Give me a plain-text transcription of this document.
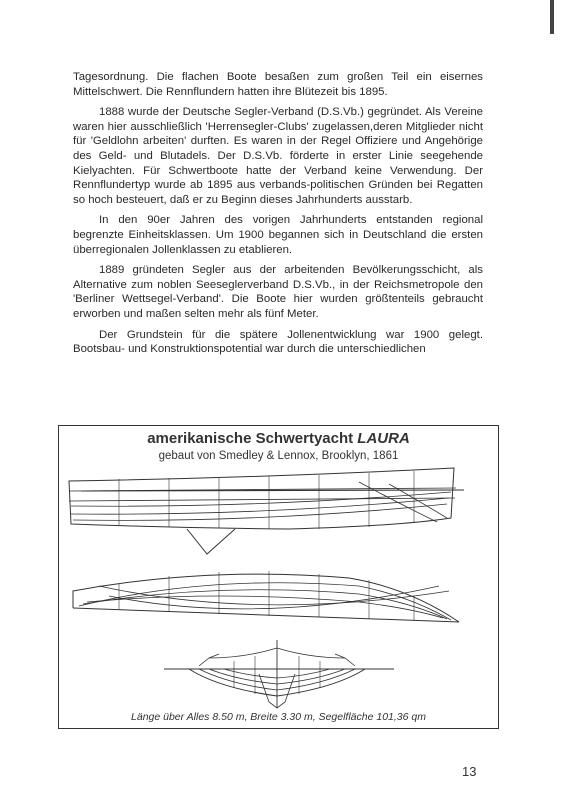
Tagesordnung. Die flachen Boote besaßen zum großen Teil ein eisernes Mittelschwert. Die Rennflundern hatten ihre Blütezeit bis 1895.

1888 wurde der Deutsche Segler-Verband (D.S.Vb.) gegründet. Als Vereine waren hier ausschließlich 'Herrensegler-Clubs' zugelassen,deren Mitglieder nicht für 'Geldlohn arbeiten' durften. Es waren in der Regel Offiziere und Angehörige des Geld- und Blutadels. Der D.S.Vb. förderte in erster Linie seegehende Kielyachten. Für Schwertboote hatte der Verband keine Verwendung. Der Rennflundertyp wurde ab 1895 aus verbands-politischen Gründen bei Regatten so hoch besteuert, daß er zu Beginn dieses Jahrhunderts ausstarb.

In den 90er Jahren des vorigen Jahrhunderts entstanden regional begrenzte Einheitsklassen. Um 1900 begannen sich in Deutschland die ersten überregionalen Jollenklassen zu etablieren.

1889 gründeten Segler aus der arbeitenden Bevölkerungsschicht, als Alternative zum noblen Seeseglerverband D.S.Vb., in der Reichsmetropole den 'Berliner Wettsegel-Verband'. Die Boote hier wurden größtenteils gebraucht erworben und maßen selten mehr als fünf Meter.

Der Grundstein für die spätere Jollenentwicklung war 1900 gelegt. Bootsbau- und Konstruktionspotential war durch die unterschiedlichen

amerikanische Schwertyacht LAURA
gebaut von Smedley & Lennox, Brooklyn, 1861
Länge über Alles 8.50 m, Breite 3.30 m, Segelfläche 101,36 qm
13
